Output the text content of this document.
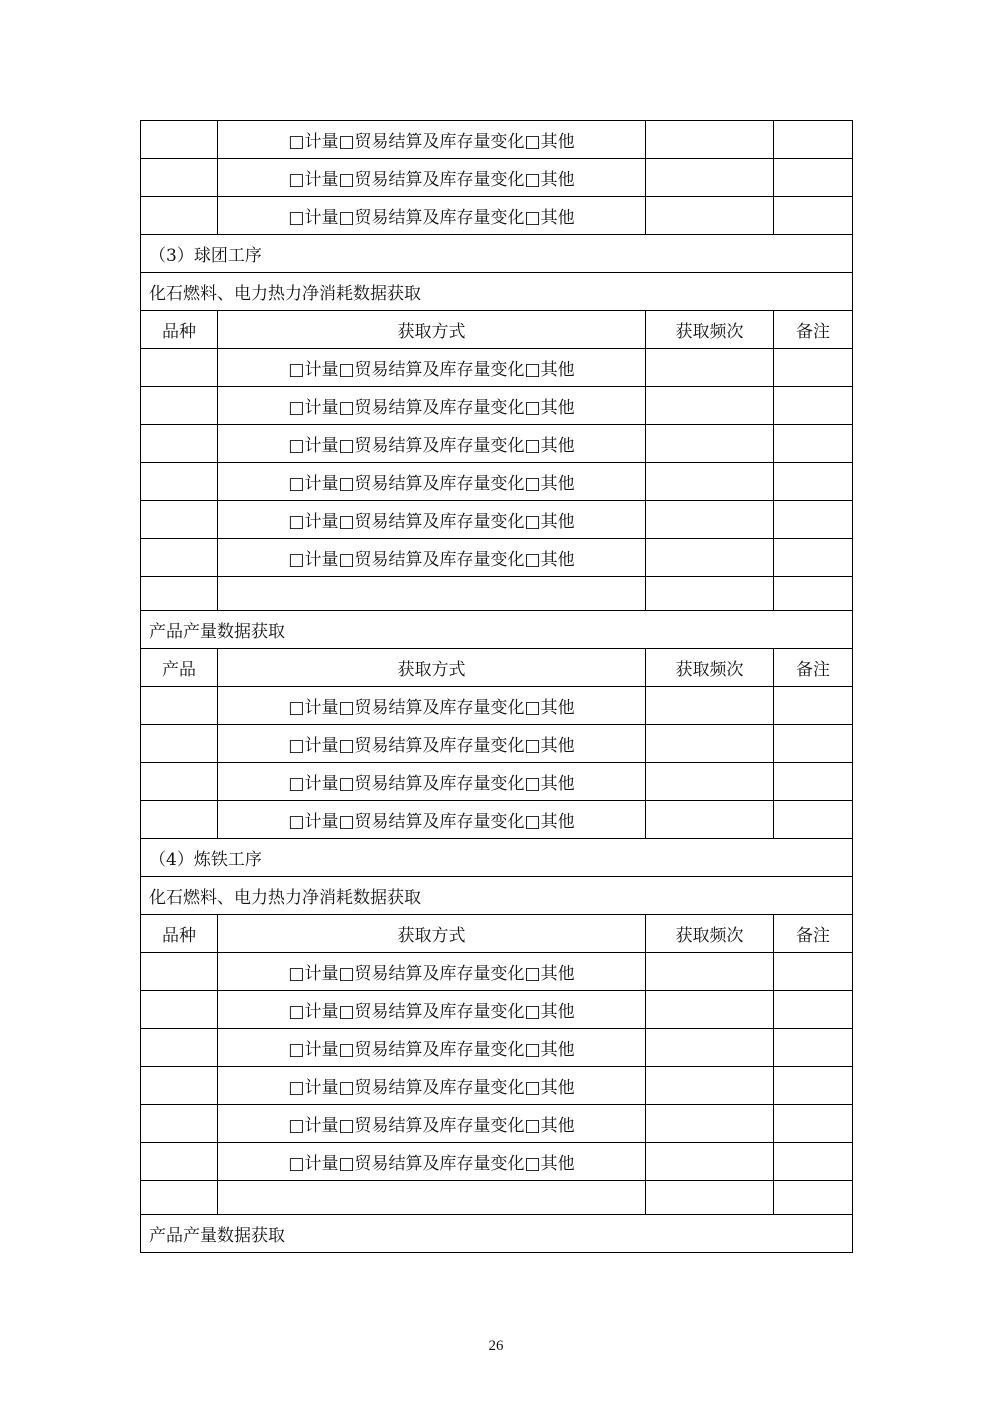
	□计量□贸易结算及库存量变化□其他		
	□计量□贸易结算及库存量变化□其他		
	□计量□贸易结算及库存量变化□其他		
（3）球团工序			
化石燃料、电力热力净消耗数据获取			
品种	获取方式	获取频次	备注
	□计量□贸易结算及库存量变化□其他		
	□计量□贸易结算及库存量变化□其他		
	□计量□贸易结算及库存量变化□其他		
	□计量□贸易结算及库存量变化□其他		
	□计量□贸易结算及库存量变化□其他		
	□计量□贸易结算及库存量变化□其他		

产品产量数据获取			
产品	获取方式	获取频次	备注
	□计量□贸易结算及库存量变化□其他		
	□计量□贸易结算及库存量变化□其他		
	□计量□贸易结算及库存量变化□其他		
	□计量□贸易结算及库存量变化□其他		
（4）炼铁工序			
化石燃料、电力热力净消耗数据获取			
品种	获取方式	获取频次	备注
	□计量□贸易结算及库存量变化□其他		
	□计量□贸易结算及库存量变化□其他		
	□计量□贸易结算及库存量变化□其他		
	□计量□贸易结算及库存量变化□其他		
	□计量□贸易结算及库存量变化□其他		
	□计量□贸易结算及库存量变化□其他		

产品产量数据获取			
26
